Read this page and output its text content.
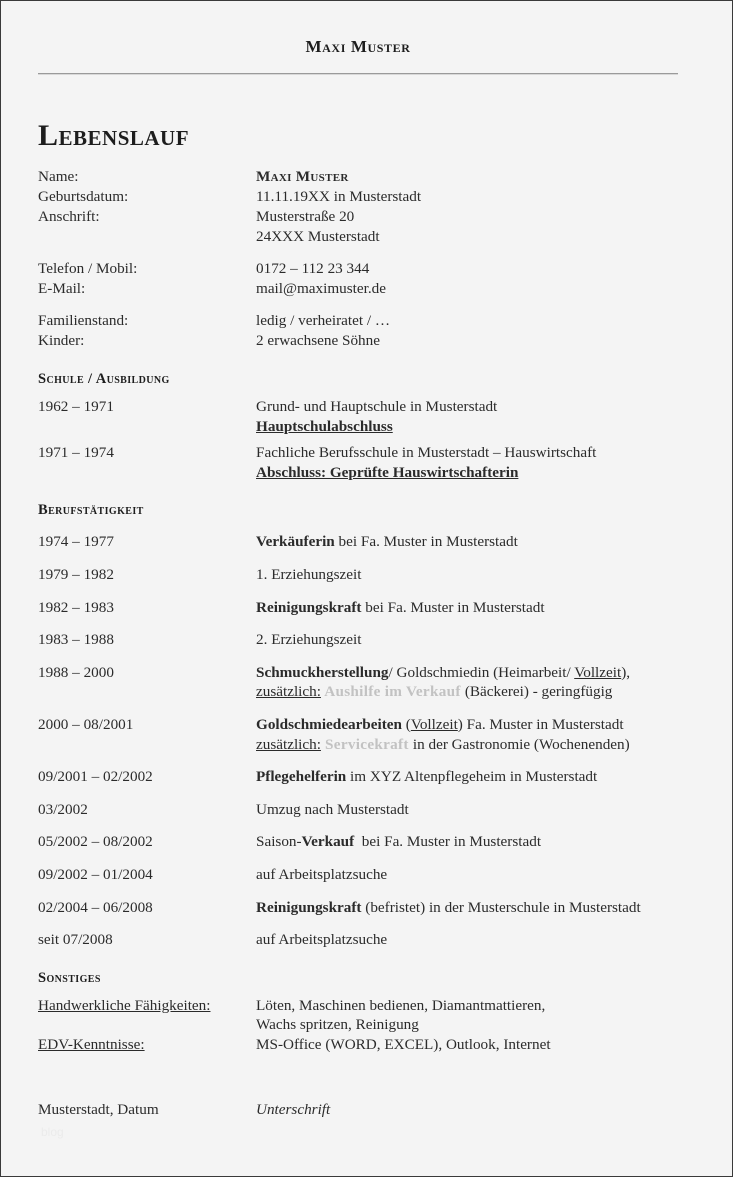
Maxi Muster
Lebenslauf
Name:	Maxi Muster
Geburtsdatum:	11.11.19XX in Musterstadt
Anschrift:	Musterstraße 20
24XXX Musterstadt
Telefon / Mobil:	0172 – 112 23 344
E-Mail:	mail@maximuster.de
Familienstand:	ledig / verheiratet / …
Kinder:	2 erwachsene Söhne
Schule / Ausbildung
1962 – 1971	Grund- und Hauptschule in Musterstadt
Hauptschulabschluss
1971 – 1974	Fachliche Berufsschule in Musterstadt – Hauswirtschaft
Abschluss: Geprüfte Hauswirtschafterin
Berufstätigkeit
1974 – 1977	Verkäuferin bei Fa. Muster in Musterstadt
1979 – 1982	1. Erziehungszeit
1982 – 1983	Reinigungskraft bei Fa. Muster in Musterstadt
1983 – 1988	2. Erziehungszeit
1988 – 2000	Schmuckherstellung/ Goldschmiedin (Heimarbeit/ Vollzeit),
zusätzlich: Aushilfe im Verkauf (Bäckerei) - geringfügig
2000 – 08/2001	Goldschmiedearbeiten (Vollzeit) Fa. Muster in Musterstadt
zusätzlich: Servicekraft in der Gastronomie (Wochenenden)
09/2001 – 02/2002	Pflegehelferin im XYZ Altenpflegeheim in Musterstadt
03/2002	Umzug nach Musterstadt
05/2002 – 08/2002	Saison-Verkauf  bei Fa. Muster in Musterstadt
09/2002 – 01/2004	auf Arbeitsplatzsuche
02/2004 – 06/2008	Reinigungskraft (befristet) in der Musterschule in Musterstadt
seit 07/2008	auf Arbeitsplatzsuche
Sonstiges
Handwerkliche Fähigkeiten:	Löten, Maschinen bedienen, Diamantmattieren,
Wachs spritzen, Reinigung
EDV-Kenntnisse:	MS-Office (WORD, EXCEL), Outlook, Internet
Musterstadt, Datum	Unterschrift
blog
